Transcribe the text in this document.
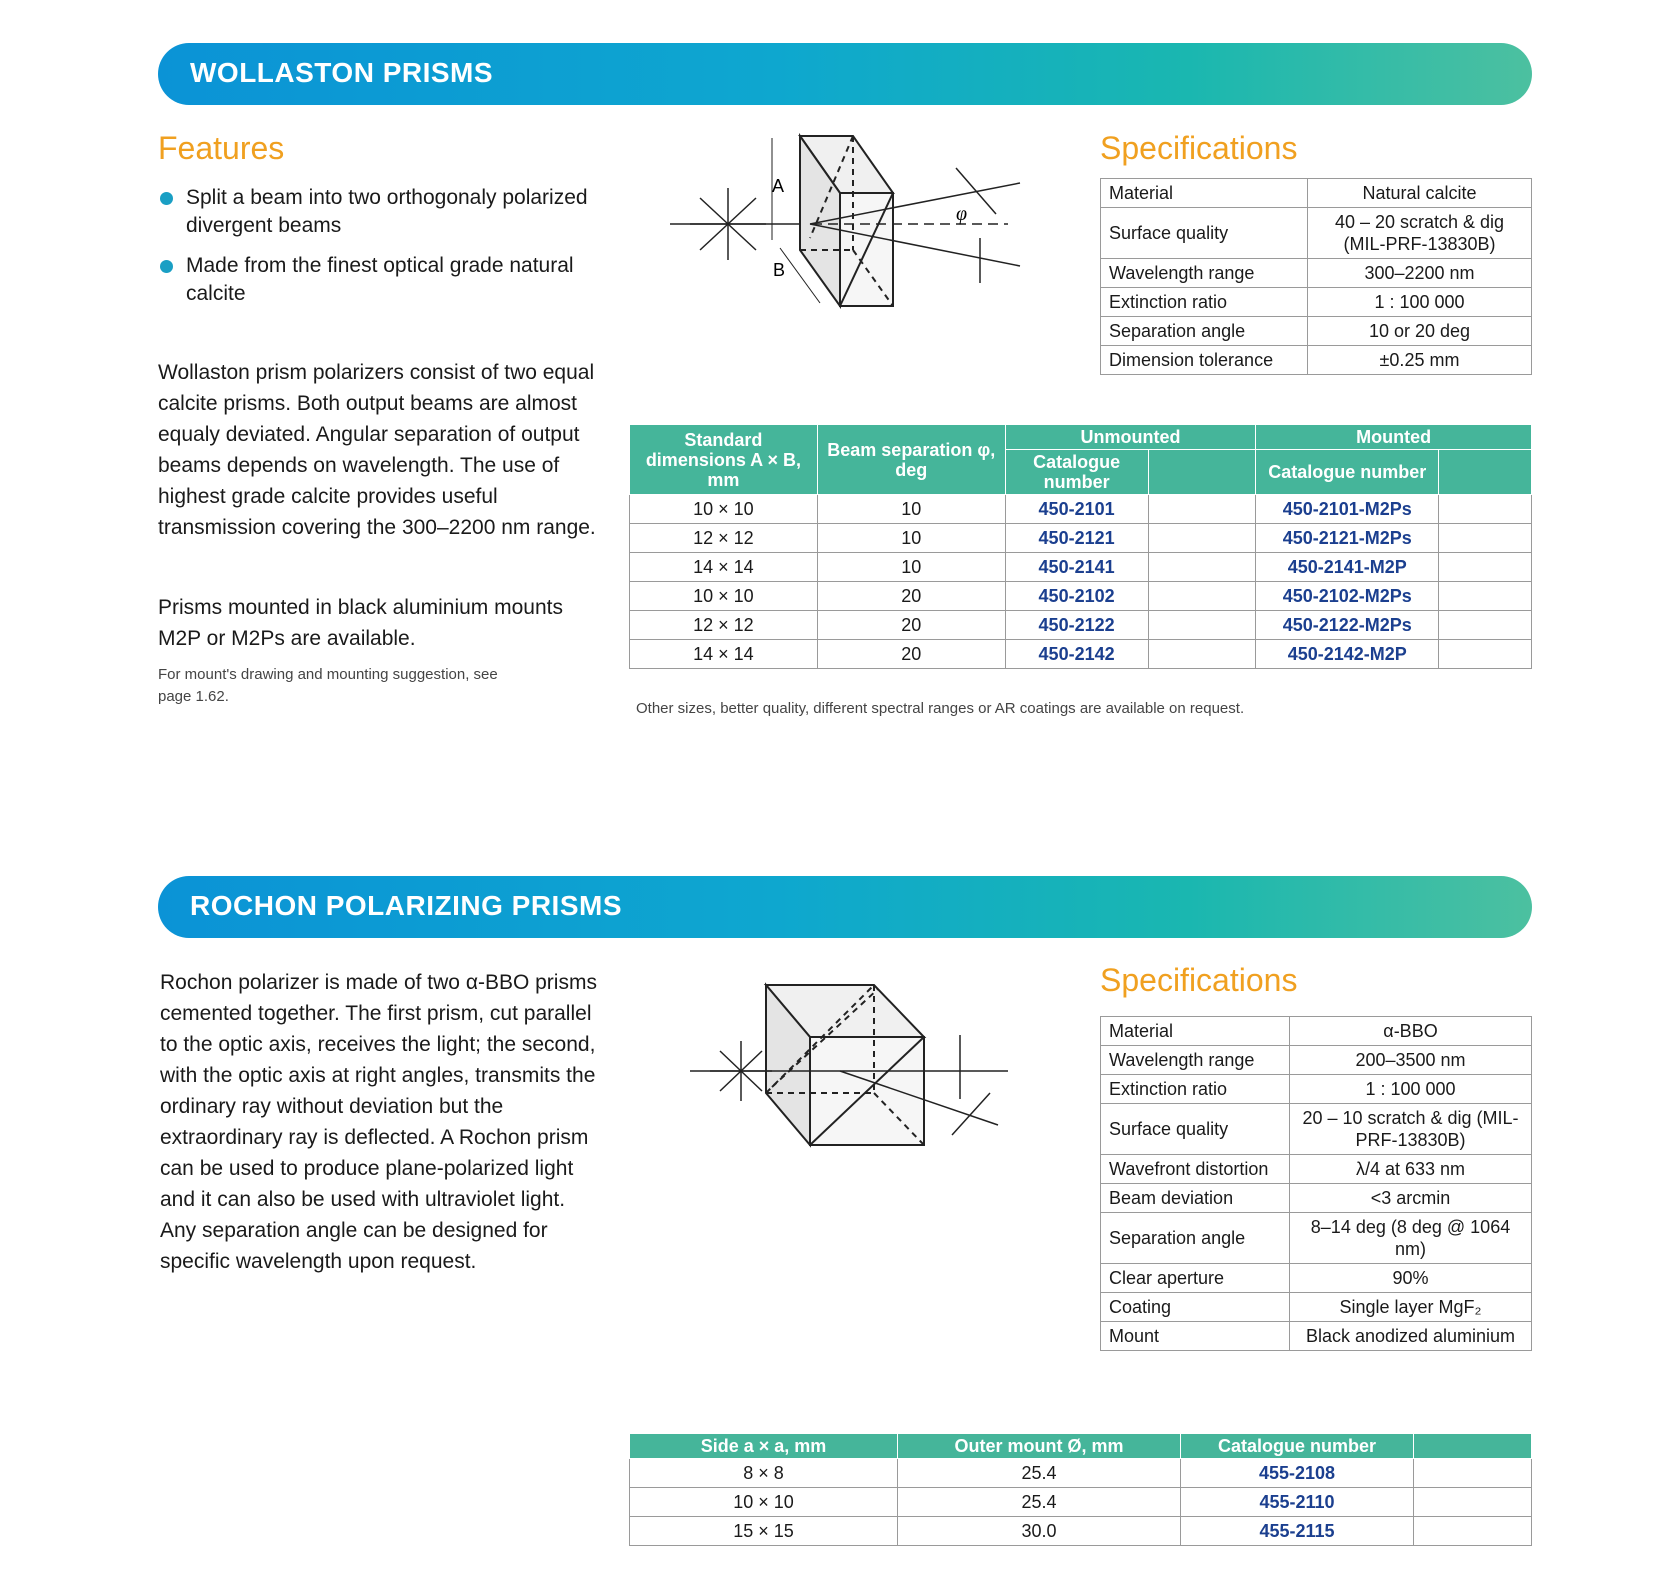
WOLLASTON PRISMS
Features
Split a beam into two orthogonaly polarized divergent beams
Made from the finest optical grade natural calcite
Wollaston prism polarizers consist of two equal calcite prisms. Both output beams are almost equaly deviated. Angular separation of output beams depends on wavelength. The use of highest grade calcite provides useful transmission covering the 300–2200 nm range.
Prisms mounted in black aluminium mounts M2P or M2Ps are available.
For mount's drawing and mounting suggestion, see page 1.62.
A
B
φ
Specifications
Material	Natural calcite
Surface quality	40 – 20 scratch & dig (MIL-PRF-13830B)
Wavelength range	300–2200 nm
Extinction ratio	1 : 100 000
Separation angle	10 or 20 deg
Dimension tolerance	±0.25 mm
Standard dimensions A × B, mm	Beam separation φ, deg	Unmounted		Mounted	
		Catalogue number		Catalogue number	
10 × 10	10	450-2101		450-2101-M2Ps	
12 × 12	10	450-2121		450-2121-M2Ps	
14 × 14	10	450-2141		450-2141-M2P	
10 × 10	20	450-2102		450-2102-M2Ps	
12 × 12	20	450-2122		450-2122-M2Ps	
14 × 14	20	450-2142		450-2142-M2P	
Other sizes, better quality, different spectral ranges or AR coatings are available on request.
ROCHON POLARIZING PRISMS
Rochon polarizer is made of two α-BBO prisms cemented together. The first prism, cut parallel to the optic axis, receives the light; the second, with the optic axis at right angles, transmits the ordinary ray without deviation but the extraordinary ray is deflected. A Rochon prism can be used to produce plane-polarized light and it can also be used with ultraviolet light. Any separation angle can be designed for specific wavelength upon request.
Specifications
Material	α-BBO
Wavelength range	200–3500 nm
Extinction ratio	1 : 100 000
Surface quality	20 – 10 scratch & dig (MIL-PRF-13830B)
Wavefront distortion	λ/4 at 633 nm
Beam deviation	<3 arcmin
Separation angle	8–14 deg (8 deg @ 1064 nm)
Clear aperture	90%
Coating	Single layer MgF₂
Mount	Black anodized aluminium
Side a × a, mm	Outer mount Ø, mm	Catalogue number	
8 × 8	25.4	455-2108	
10 × 10	25.4	455-2110	
15 × 15	30.0	455-2115	
